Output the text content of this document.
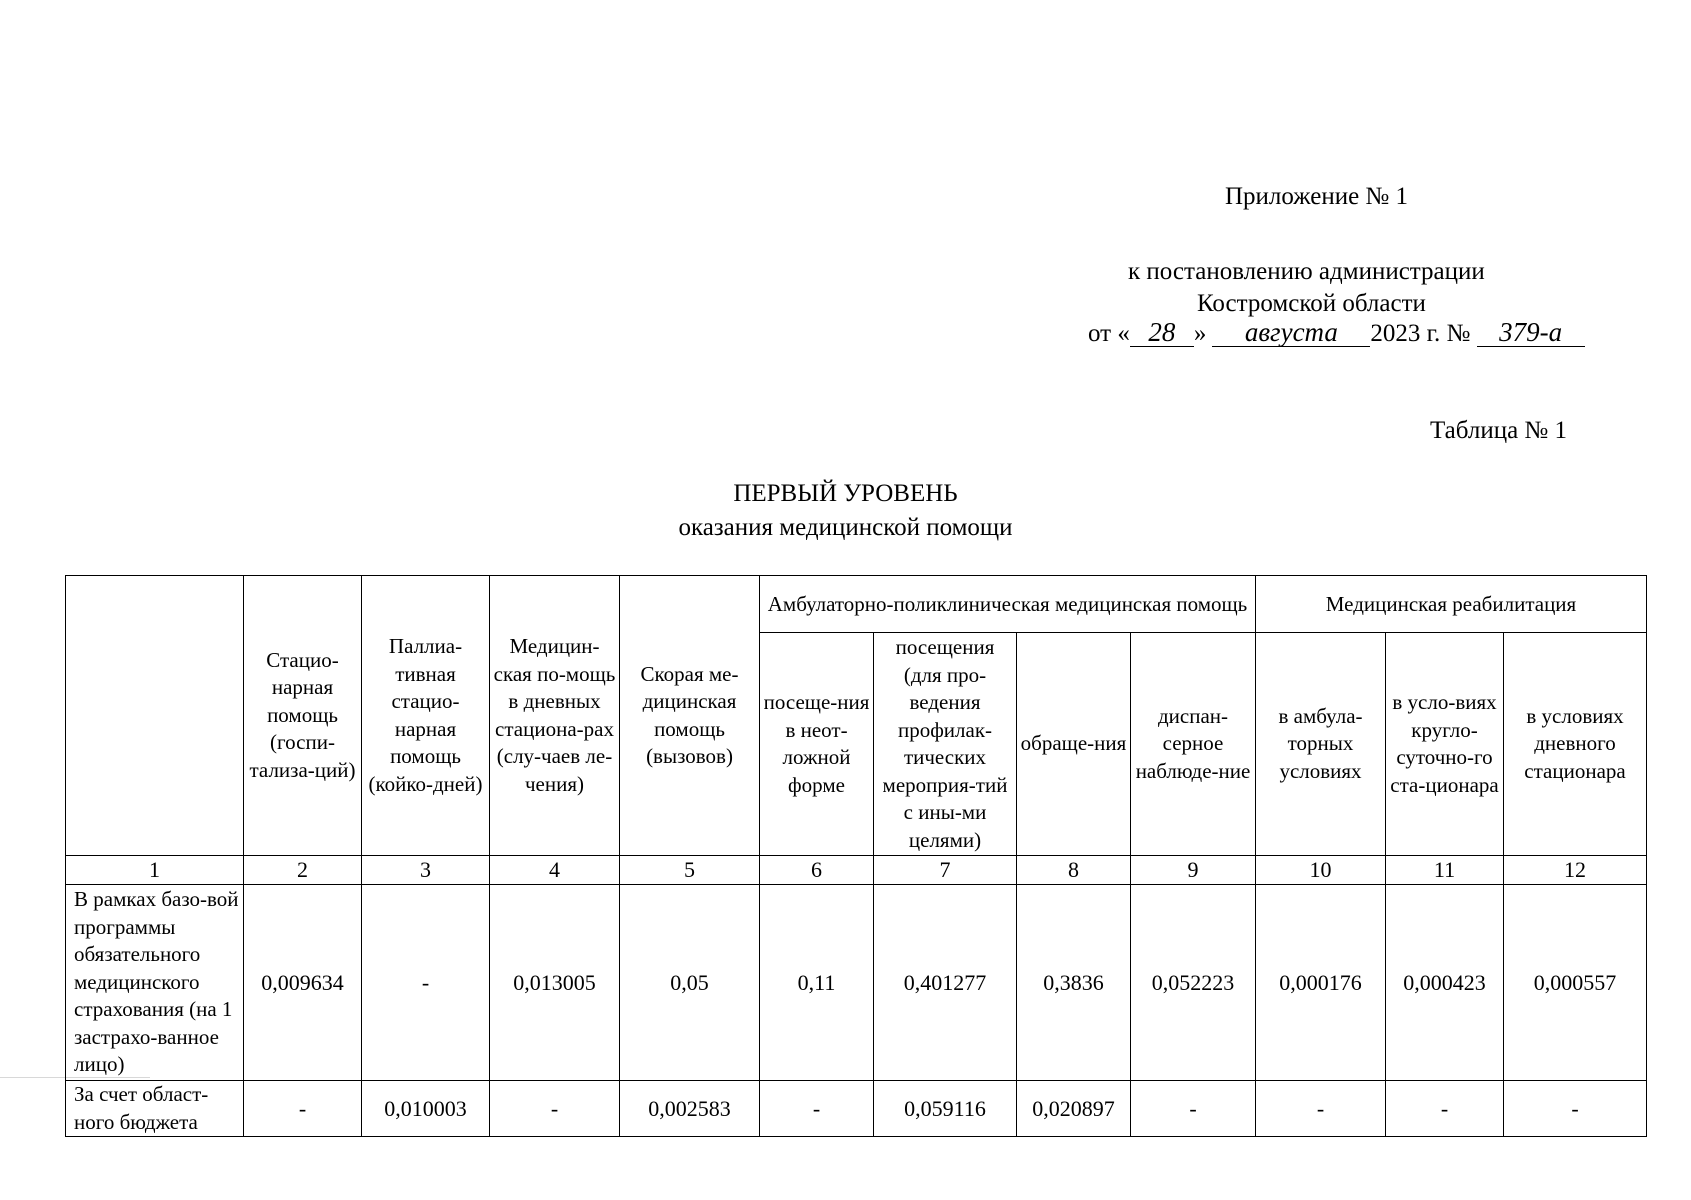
Приложение № 1
к постановлению администрации
Костромской области
от « 28 » августа 2023 г. № 379-а
Таблица № 1
ПЕРВЫЙ УРОВЕНЬ
оказания медицинской помощи
	Стацио-нарная помощь (госпи-тализа-ций)	Паллиа-тивная стацио-нарная помощь (койко-дней)	Медицин-ская по-мощь в дневных стациона-рах (слу-чаев ле-чения)	Скорая ме-дицинская помощь (вызовов)	Амбулаторно-поликлиническая медицинская помощь				Медицинская реабилитация		
					посеще-ния в неот-ложной форме	посещения (для про-ведения профилак-тических мероприя-тий с ины-ми целями)	обраще-ния	диспан-серное наблюде-ние	в амбула-торных условиях	в усло-виях кругло-суточно-го ста-ционара	в условиях дневного стационара
1	2	3	4	5	6	7	8	9	10	11	12
В рамках базо-вой программы обязательного медицинского страхования (на 1 застрахо-ванное лицо)	0,009634	-	0,013005	0,05	0,11	0,401277	0,3836	0,052223	0,000176	0,000423	0,000557
За счет област-ного бюджета	-	0,010003	-	0,002583	-	0,059116	0,020897	-	-	-	-
